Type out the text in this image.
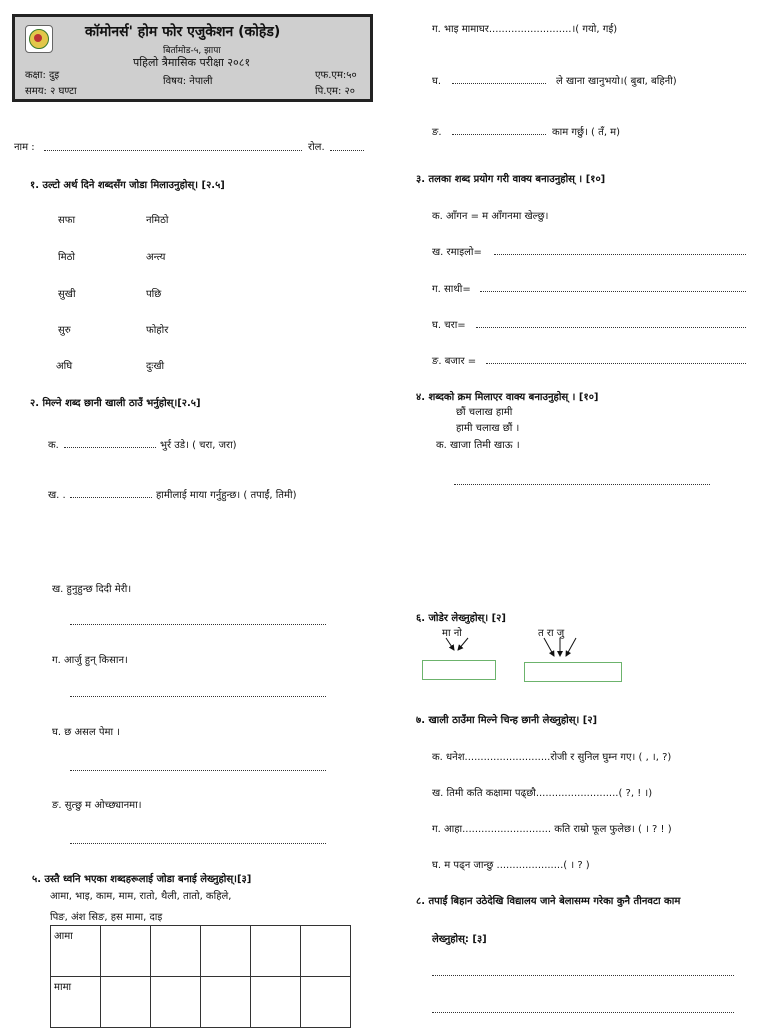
कॉमोनर्स' होम फोर एजुकेशन (कोहेड)
बिर्तामोड-५, झापा
पहिलो त्रैमासिक परीक्षा २०८१
कक्षा: दुइ
विषय: नेपाली
एफ.एम:५०
समय: २ घण्टा	पि.एम: २०
नाम :	रोल.
१. उल्टो अर्थ दिने शब्दसँग जोडा मिलाउनुहोस्। [२.५]
सफा	नमिठो
मिठो	अन्त्य
सुखी	पछि
सुरु	फोहोर
अघि	दुःखी
२. मिल्ने शब्द छानी खाली ठाउँ भर्नुहोस्।[२.५]
क.	भुर्र उडे। ( चरा, जरा)
ख. .	हामीलाई माया गर्नुहुन्छ। ( तपाईं, तिमी)
ख. हुनुहुन्छ दिदी मेरी।
ग. आर्जु हुन् किसान।
घ. छ असल पेमा ।
ङ. सुत्छु म ओच्छ्यानमा।
५. उस्तै ध्वनि भएका शब्दहरूलाई जोडा बनाई लेख्नुहोस्।[३]
आमा, भाइ, काम, माम, रातो, थैली, तातो, कहिले,
पिङ, अंश सिङ, हस मामा, दाइ
आमा					
मामा					
ग. भाइ मामाघर..........................।( गयो, गई)
घ.	ले खाना खानुभयो।( बुबा, बहिनी)
ङ.	काम गर्छु। ( तँ, म)
३. तलका शब्द प्रयोग गरी वाक्य बनाउनुहोस् । [१०]
क. आँगन = म आँगनमा खेल्छु।
ख. रमाइलो=
ग. साथी=
घ. चरा=
ङ. बजार =
४. शब्दको क्रम मिलाएर वाक्य बनाउनुहोस् । [१०]
छौं चलाख हामी
हामी चलाख छौं ।
क. खाजा तिमी खाऊ ।
६. जोडेर लेख्नुहोस्। [२]
मा नो	त रा जु
७. खाली ठाउँमा मिल्ने चिन्ह छानी लेख्नुहोस्। [२]
क. धनेश...........................रोजी र सुनिल घुम्न गए। ( , ।, ?)
ख. तिमी कति कक्षामा पढ्छौ..........................( ?, ! ।)
ग. आहा............................ कति राम्रो फूल फुलेछ। ( । ? ! )
घ. म पढ्न जान्छु .....................( । ? )
८. तपाईं बिहान उठेदेखि विद्यालय जाने बेलासम्म गरेका कुनै तीनवटा काम
लेख्नुहोस्: [३]
